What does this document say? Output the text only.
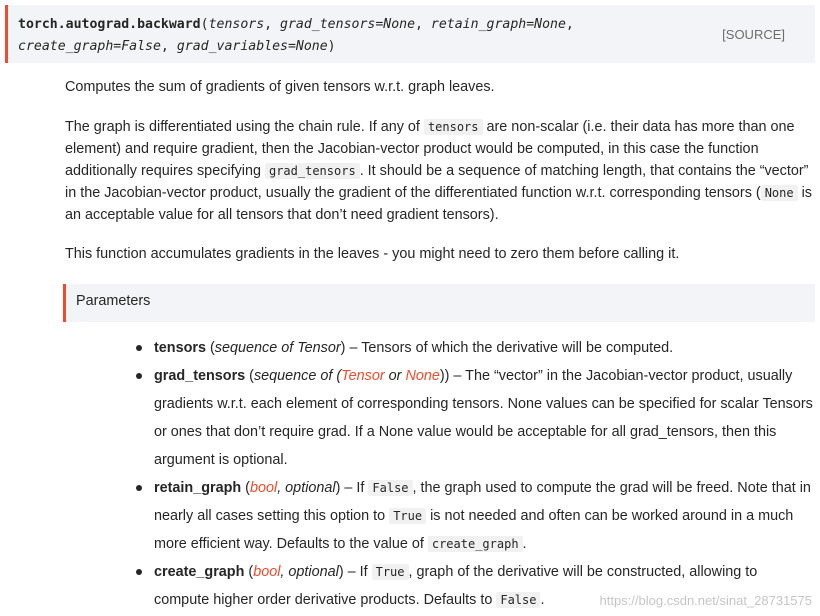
torch.autograd.backward(tensors, grad_tensors=None, retain_graph=None,
create_graph=False, grad_variables=None)
[SOURCE]

Computes the sum of gradients of given tensors w.r.t. graph leaves.

The graph is differentiated using the chain rule. If any of tensors are non-scalar (i.e. their data has more than one element) and require gradient, then the Jacobian-vector product would be computed, in this case the function additionally requires specifying grad_tensors . It should be a sequence of matching length, that contains the “vector” in the Jacobian-vector product, usually the gradient of the differentiated function w.r.t. corresponding tensors ( None is an acceptable value for all tensors that don’t need gradient tensors).

This function accumulates gradients in the leaves - you might need to zero them before calling it.

Parameters
tensors (sequence of Tensor) – Tensors of which the derivative will be computed.
grad_tensors (sequence of (Tensor or None)) – The “vector” in the Jacobian-vector product, usually gradients w.r.t. each element of corresponding tensors. None values can be specified for scalar Tensors or ones that don’t require grad. If a None value would be acceptable for all grad_tensors, then this argument is optional.
retain_graph (bool, optional) – If False , the graph used to compute the grad will be freed. Note that in nearly all cases setting this option to True is not needed and often can be worked around in a much more efficient way. Defaults to the value of create_graph .
create_graph (bool, optional) – If True , graph of the derivative will be constructed, allowing to compute higher order derivative products. Defaults to False .	https://blog.csdn.net/sinat_28731575
